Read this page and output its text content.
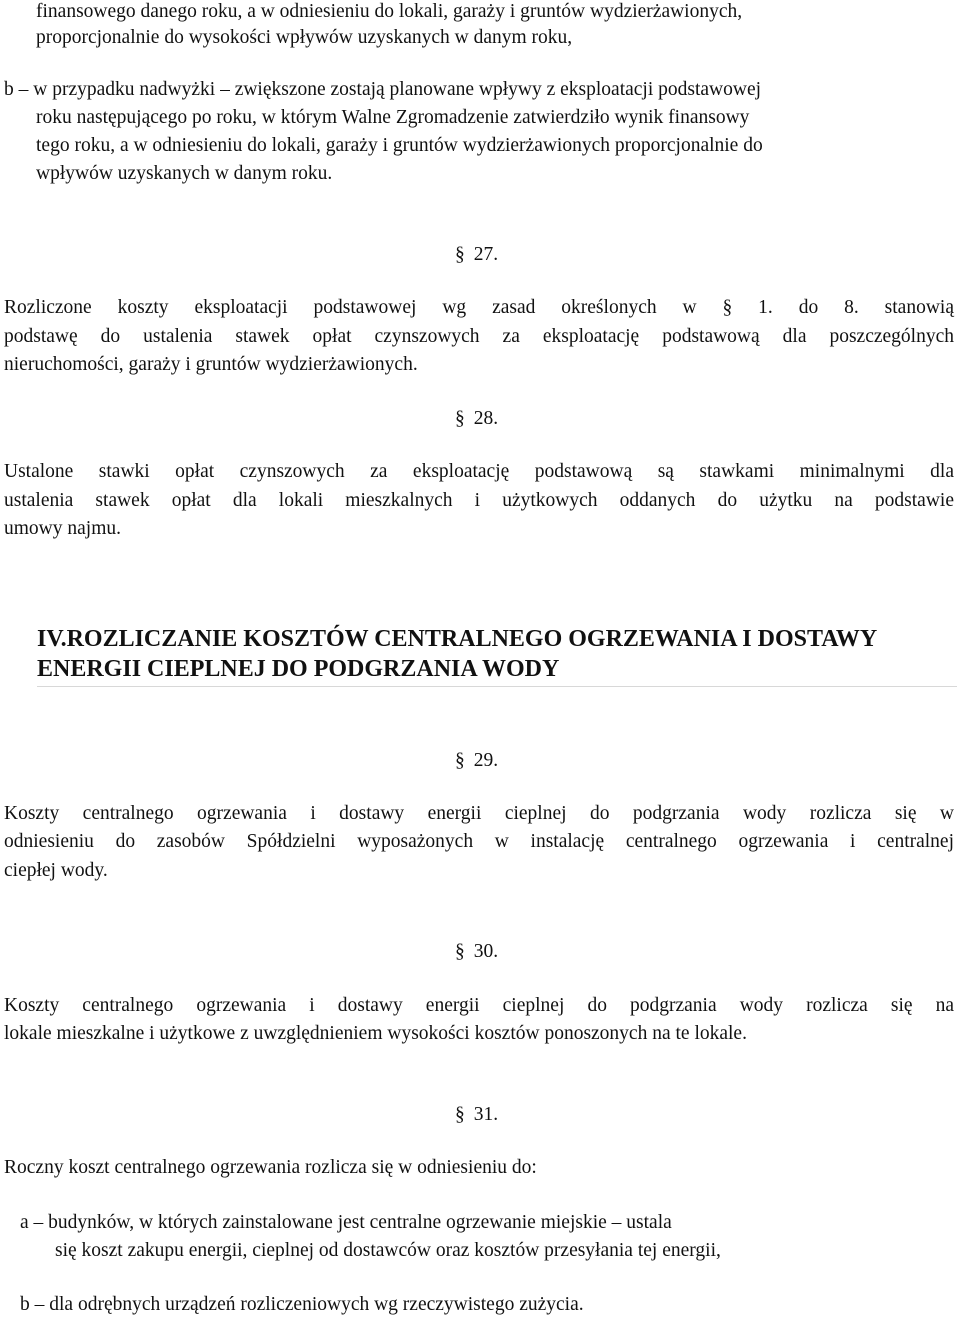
finansowego danego roku, a w odniesieniu do lokali, garaży i gruntów wydzierżawionych,
proporcjonalnie do wysokości wpływów uzyskanych w danym roku,
b – w przypadku nadwyżki – zwiększone zostają planowane wpływy z eksploatacji podstawowej
roku następującego po roku, w którym Walne Zgromadzenie zatwierdziło wynik finansowy
tego roku, a w odniesieniu do lokali, garaży i gruntów wydzierżawionych proporcjonalnie do
wpływów uzyskanych w danym roku.
§ 27.
Rozliczone koszty eksploatacji podstawowej wg zasad określonych w § 1. do 8. stanowią
podstawę do ustalenia stawek opłat czynszowych za eksploatację podstawową dla poszczególnych
nieruchomości, garaży i gruntów wydzierżawionych.
§ 28.
Ustalone stawki opłat czynszowych za eksploatację podstawową są stawkami minimalnymi dla
ustalenia stawek opłat dla lokali mieszkalnych i użytkowych oddanych do użytku na podstawie
umowy najmu.
IV.ROZLICZANIE KOSZTÓW CENTRALNEGO OGRZEWANIA I DOSTAWY
ENERGII CIEPLNEJ DO PODGRZANIA WODY
§ 29.
Koszty centralnego ogrzewania i dostawy energii cieplnej do podgrzania wody rozlicza się w
odniesieniu do zasobów Spółdzielni wyposażonych w instalację centralnego ogrzewania i centralnej
ciepłej wody.
§ 30.
Koszty centralnego ogrzewania i dostawy energii cieplnej do podgrzania wody rozlicza się na
lokale mieszkalne i użytkowe z uwzględnieniem wysokości kosztów ponoszonych na te lokale.
§ 31.
Roczny koszt centralnego ogrzewania rozlicza się w odniesieniu do:
a – budynków, w których zainstalowane jest centralne ogrzewanie miejskie – ustala
się koszt zakupu energii, cieplnej od dostawców oraz kosztów przesyłania tej energii,
b – dla odrębnych urządzeń rozliczeniowych wg rzeczywistego zużycia.
